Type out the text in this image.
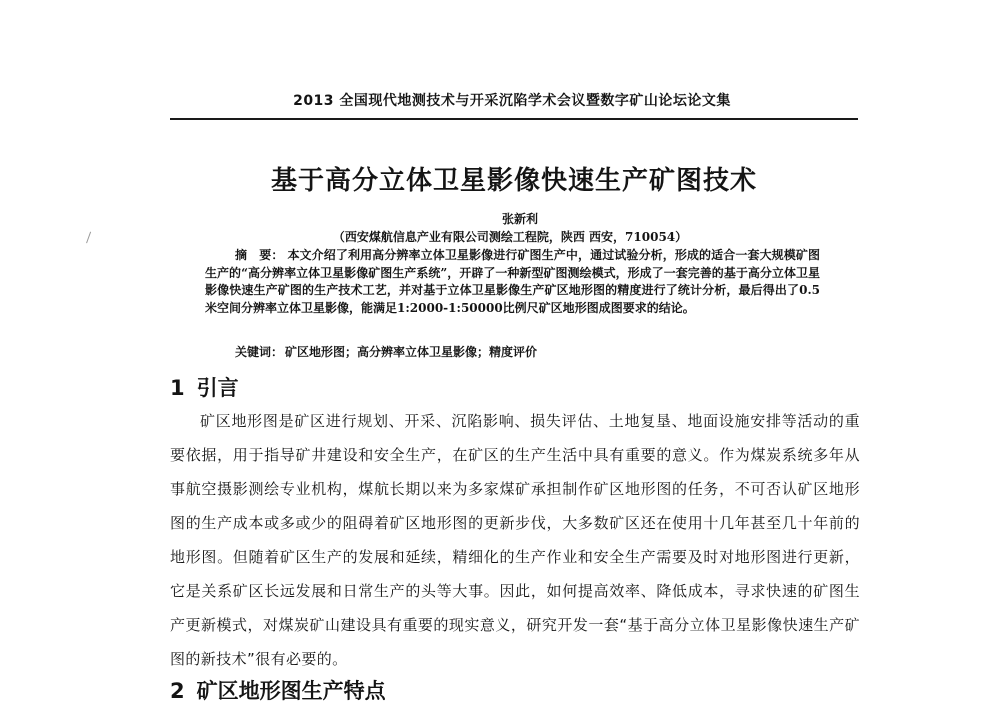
2013 全国现代地测技术与开采沉陷学术会议暨数字矿山论坛论文集
基于高分立体卫星影像快速生产矿图技术
张新利
（西安煤航信息产业有限公司测绘工程院，陕西 西安，710054）
摘　要： 本文介绍了利用高分辨率立体卫星影像进行矿图生产中，通过试验分析，形成的适合一套大规模矿图生产的“高分辨率立体卫星影像矿图生产系统”，开辟了一种新型矿图测绘模式，形成了一套完善的基于高分立体卫星影像快速生产矿图的生产技术工艺，并对基于立体卫星影像生产矿区地形图的精度进行了统计分析，最后得出了0.5米空间分辨率立体卫星影像，能满足1:2000-1:50000比例尺矿区地形图成图要求的结论。
关键词： 矿区地形图；高分辨率立体卫星影像；精度评价
1 引言
矿区地形图是矿区进行规划、开采、沉陷影响、损失评估、土地复垦、地面设施安排等活动的重要依据，用于指导矿井建设和安全生产，在矿区的生产生活中具有重要的意义。作为煤炭系统多年从事航空摄影测绘专业机构，煤航长期以来为多家煤矿承担制作矿区地形图的任务，不可否认矿区地形图的生产成本或多或少的阻碍着矿区地形图的更新步伐，大多数矿区还在使用十几年甚至几十年前的地形图。但随着矿区生产的发展和延续，精细化的生产作业和安全生产需要及时对地形图进行更新，它是关系矿区长远发展和日常生产的头等大事。因此，如何提高效率、降低成本，寻求快速的矿图生产更新模式，对煤炭矿山建设具有重要的现实意义，研究开发一套“基于高分立体卫星影像快速生产矿图的新技术”很有必要的。
2 矿区地形图生产特点
